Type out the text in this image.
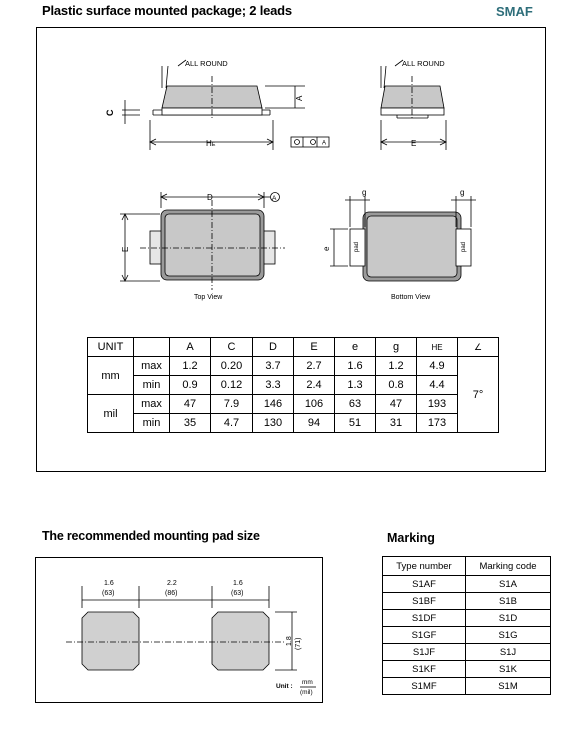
Plastic surface mounted package; 2 leads	SMAF
ALL ROUND
A
C
HE	A
ALL ROUND
E
D	A
E
Top View
g	g
e	pad	pad
Bottom View
UNIT		A	C	D	E	e	g	HE	∠
mm	max	1.2	0.20	3.7	2.7	1.6	1.2	4.9	7°
	min	0.9	0.12	3.3	2.4	1.3	0.8	4.4	
mil	max	47	7.9	146	106	63	47	193	
	min	35	4.7	130	94	51	31	173	
The recommended mounting pad size
1.6
(63)
2.2
(86)
1.6
(63)
1.8 (71)
Unit :
mm
(mil)
Marking
Type number	Marking code
S1AF	S1A
S1BF	S1B
S1DF	S1D
S1GF	S1G
S1JF	S1J
S1KF	S1K
S1MF	S1M
